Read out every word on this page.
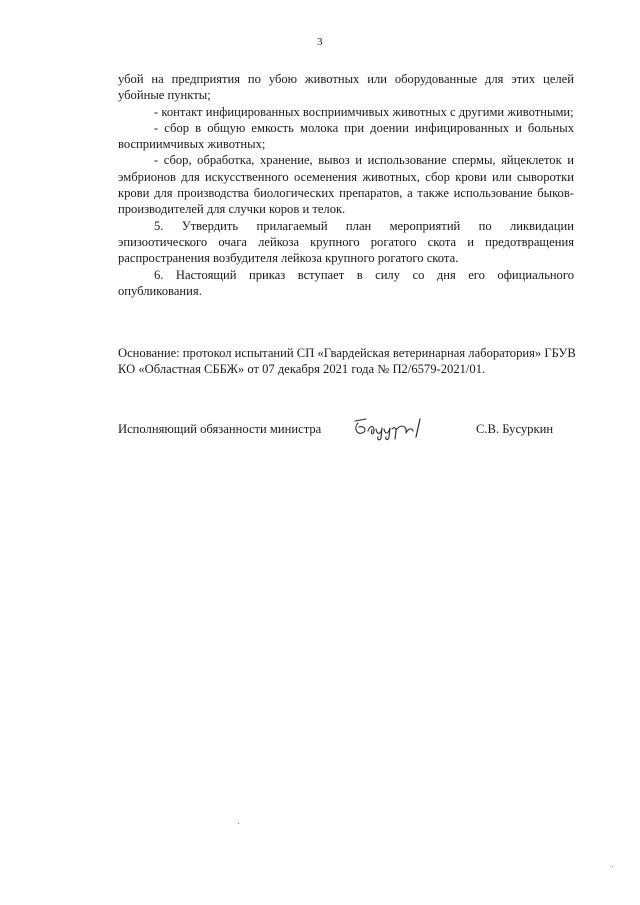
3

убой на предприятия по убою животных или оборудованные для этих целей убойные пункты;

- контакт инфицированных восприимчивых животных с другими животными;

- сбор в общую емкость молока при доении инфицированных и больных восприимчивых животных;

- сбор, обработка, хранение, вывоз и использование спермы, яйцеклеток и эмбрионов для искусственного осеменения животных, сбор крови или сыворотки крови для производства биологических препаратов, а также использование быков-производителей для случки коров и телок.

5. Утвердить прилагаемый план мероприятий по ликвидации эпизоотического очага лейкоза крупного рогатого скота и предотвращения распространения возбудителя лейкоза крупного рогатого скота.

6. Настоящий приказ вступает в силу со дня его официального опубликования.

Основание: протокол испытаний СП «Гвардейская ветеринарная лаборатория» ГБУВ КО «Областная СББЖ» от 07 декабря 2021 года № П2/6579-2021/01.

Исполняющий обязанности министра	С.В. Бусуркин
